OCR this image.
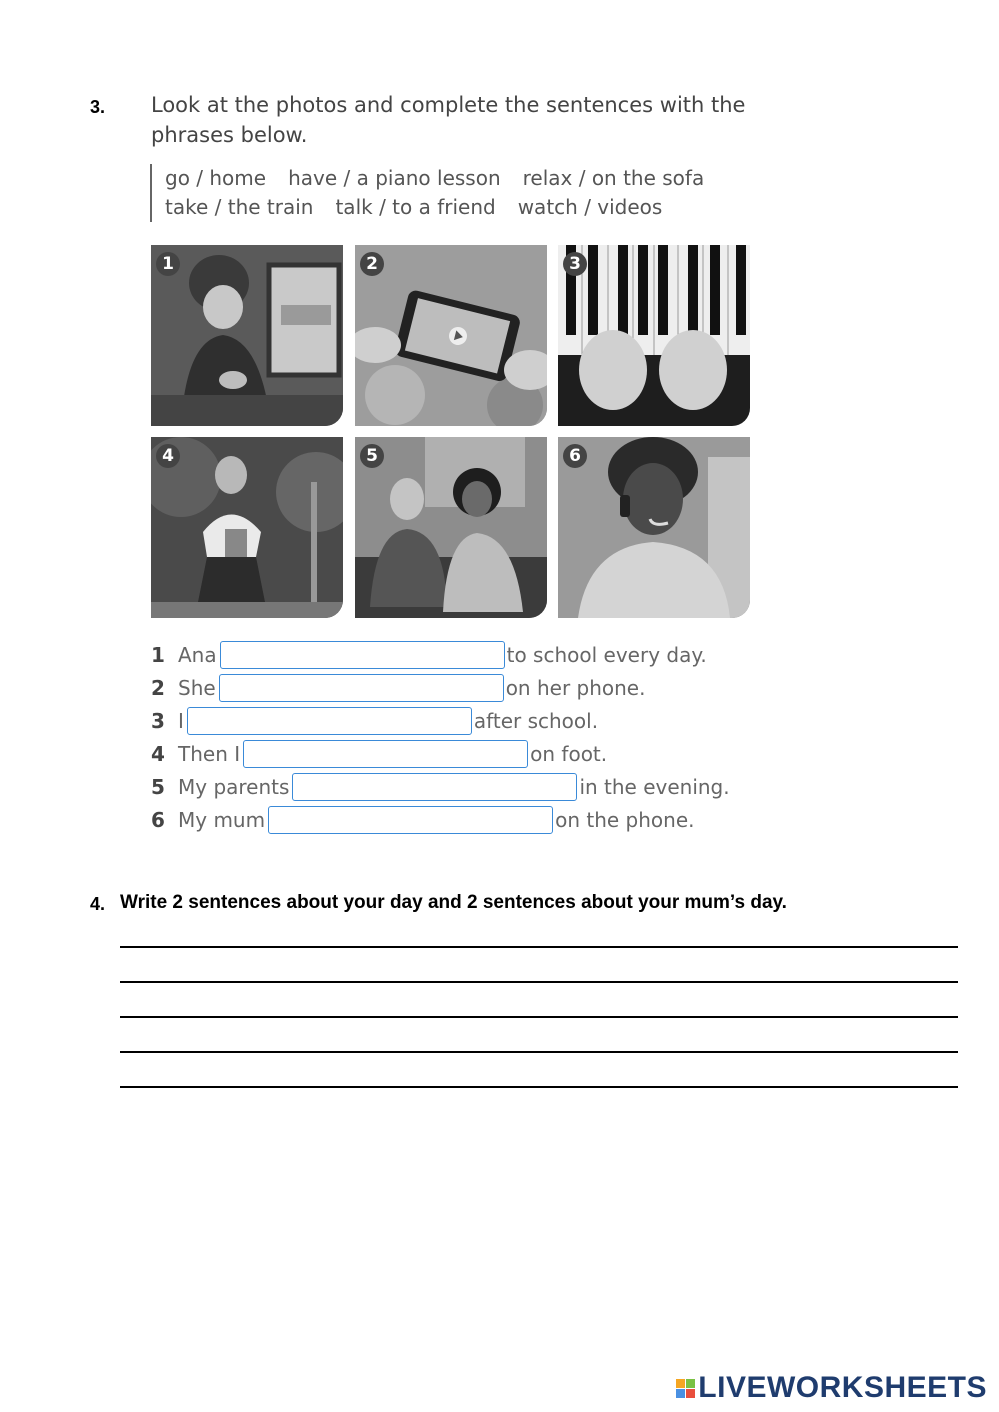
3. Look at the photos and complete the sentences with the phrases below.
go / home have / a piano lesson relax / on the sofa
take / the train talk / to a friend watch / videos
1	2	3
4	5	6
1 Ana	to school every day.
2 She	on her phone.
3 I	after school.
4 Then I	on foot.
5 My parents	in the evening.
6 My mum	on the phone.
4. Write 2 sentences about your day and 2 sentences about your mum’s day.
LIVEWORKSHEETS
